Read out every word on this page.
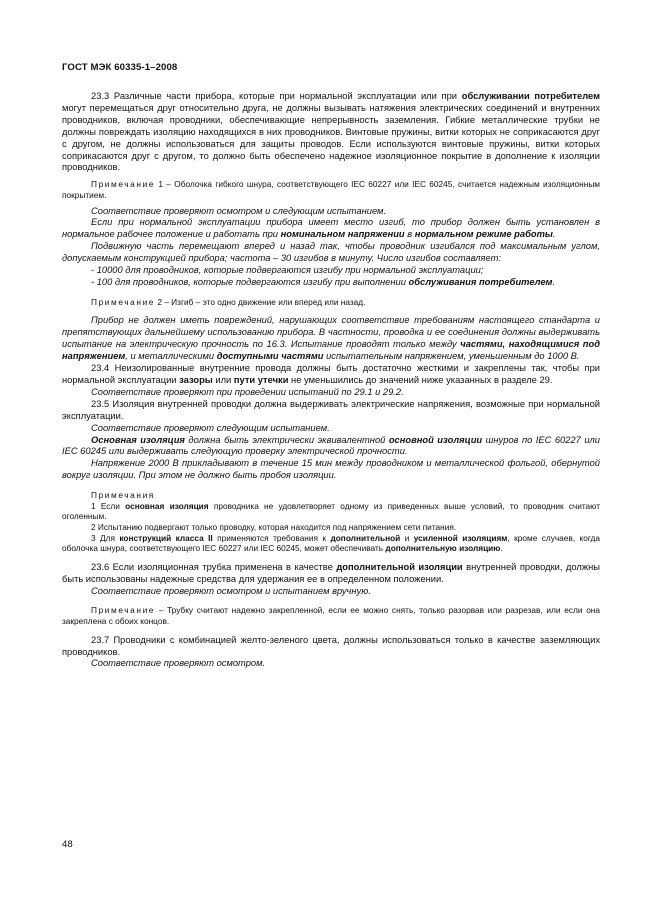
ГОСТ МЭК 60335-1–2008

23.3 Различные части прибора, которые при нормальной эксплуатации или при обслуживании потребителем могут перемещаться друг относительно друга, не должны вызывать натяжения электрических соединений и внутренних проводников, включая проводники, обеспечивающие непрерывность заземления. Гибкие металлические трубки не должны повреждать изоляцию находящихся в них проводников. Винтовые пружины, витки которых не соприкасаются друг с другом, не должны использоваться для защиты проводов. Если используются винтовые пружины, витки которых соприкасаются друг с другом, то должно быть обеспечено надежное изоляционное покрытие в дополнение к изоляции проводников.

Примечание 1 – Оболочка гибкого шнура, соответствующего IEC 60227 или IEC 60245, считается надежным изоляционным покрытием.

Соответствие проверяют осмотром и следующим испытанием.

Если при нормальной эксплуатации прибора имеет место изгиб, то прибор должен быть установлен в нормальное рабочее положение и работать при номинальном напряжении в нормальном режиме работы.

Подвижную часть перемещают вперед и назад так, чтобы проводник изгибался под максимальным углом, допускаемым конструкцией прибора; частота – 30 изгибов в минуту. Число изгибов составляет:

- 10000 для проводников, которые подвергаются изгибу при нормальной эксплуатации;

- 100 для проводников, которые подвергаются изгибу при выполнении обслуживания потребителем.

Примечание 2 – Изгиб – это одно движение или вперед или назад.

Прибор не должен иметь повреждений, нарушающих соответствие требованиям настоящего стандарта и препятствующих дальнейшему использованию прибора. В частности, проводка и ее соединения должны выдерживать испытание на электрическую прочность по 16.3. Испытание проводят только между частями, находящимися под напряжением, и металлическими доступными частями испытательным напряжением, уменьшенным до 1000 В.

23.4 Неизолированные внутренние провода должны быть достаточно жесткими и закреплены так, чтобы при нормальной эксплуатации зазоры или пути утечки не уменьшились до значений ниже указанных в разделе 29.

Соответствие проверяют при проведении испытаний по 29.1 и 29.2.

23.5 Изоляция внутренней проводки должна выдерживать электрические напряжения, возможные при нормальной эксплуатации.

Соответствие проверяют следующим испытанием.

Основная изоляция должна быть электрически эквивалентной основной изоляции шнуров по IEC 60227 или IEC 60245 или выдерживать следующую проверку электрической прочности.

Напряжение 2000 В прикладывают в течение 15 мин между проводником и металлической фольгой, обернутой вокруг изоляции. При этом не должно быть пробоя изоляции.

Примечания

1 Если основная изоляция проводника не удовлетворяет одному из приведенных выше условий, то проводник считают оголенным.

2 Испытанию подвергают только проводку, которая находится под напряжением сети питания.

3 Для конструкций класса II применяются требования к дополнительной и усиленной изоляциям, кроме случаев, когда оболочка шнура, соответствующего IEC 60227 или IEC 60245, может обеспечивать дополнительную изоляцию.

23.6 Если изоляционная трубка применена в качестве дополнительной изоляции внутренней проводки, должны быть использованы надежные средства для удержания ее в определенном положении.

Соответствие проверяют осмотром и испытанием вручную.

Примечание – Трубку считают надежно закрепленной, если ее можно снять, только разорвав или разрезав, или если она закреплена с обоих концов.

23.7 Проводники с комбинацией желто-зеленого цвета, должны использоваться только в качестве заземляющих проводников.

Соответствие проверяют осмотром.

48
